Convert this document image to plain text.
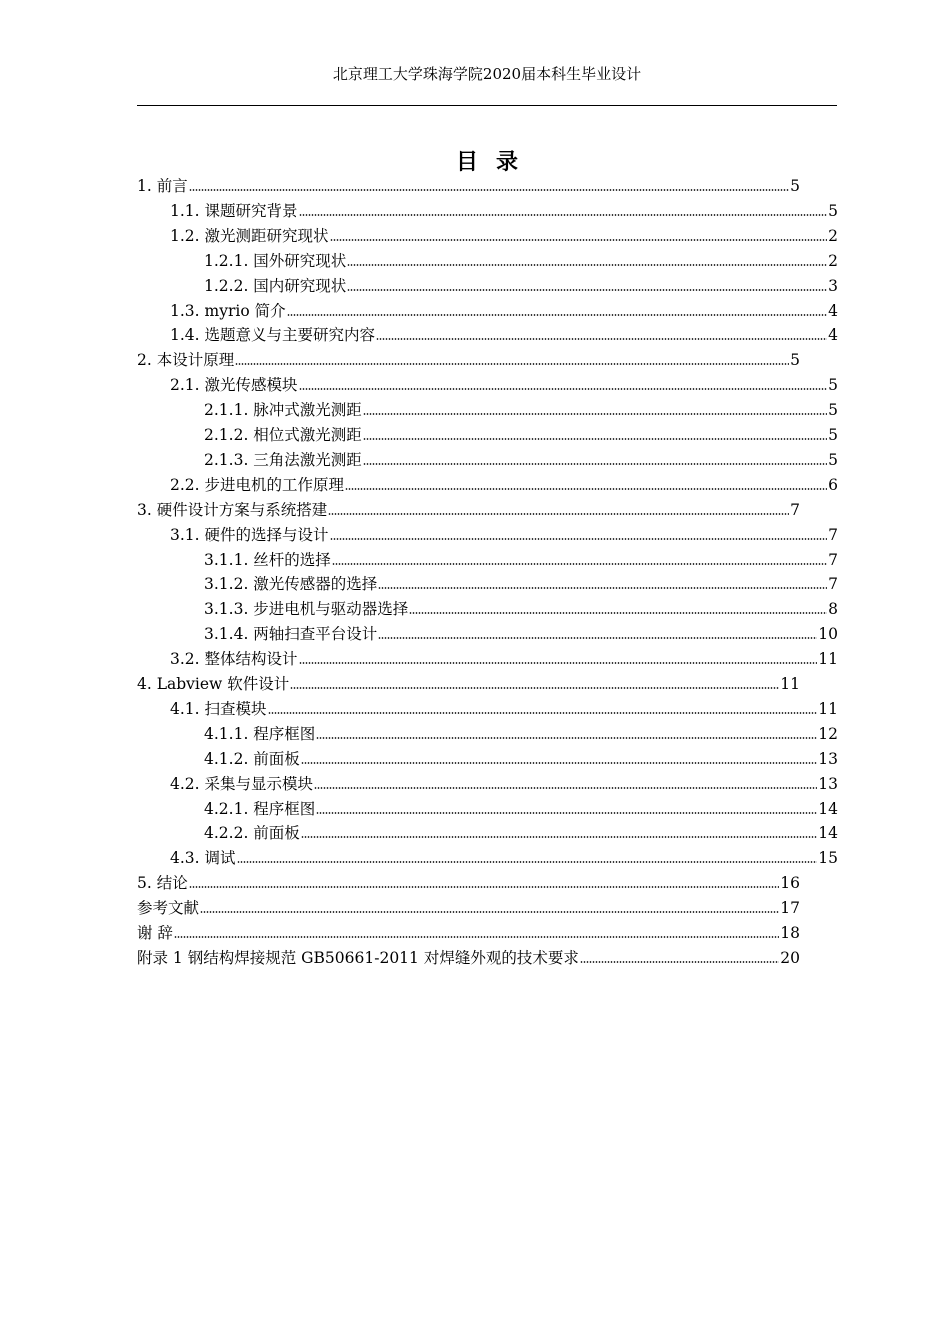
北京理工大学珠海学院2020届本科生毕业设计
目录
1. 前言	5
1.1. 课题研究背景	5
1.2. 激光测距研究现状	2
1.2.1. 国外研究现状	2
1.2.2. 国内研究现状	3
1.3. myrio 简介	4
1.4. 选题意义与主要研究内容	4
2. 本设计原理	5
2.1. 激光传感模块	5
2.1.1. 脉冲式激光测距	5
2.1.2. 相位式激光测距	5
2.1.3. 三角法激光测距	5
2.2. 步进电机的工作原理	6
3. 硬件设计方案与系统搭建	7
3.1. 硬件的选择与设计	7
3.1.1. 丝杆的选择	7
3.1.2. 激光传感器的选择	7
3.1.3. 步进电机与驱动器选择	8
3.1.4. 两轴扫查平台设计	10
3.2. 整体结构设计	11
4. Labview 软件设计	11
4.1. 扫查模块	11
4.1.1. 程序框图	12
4.1.2. 前面板	13
4.2. 采集与显示模块	13
4.2.1. 程序框图	14
4.2.2. 前面板	14
4.3. 调试	15
5. 结论	16
参考文献	17
谢 辞	18
附录 1 钢结构焊接规范 GB50661-2011 对焊缝外观的技术要求	20
